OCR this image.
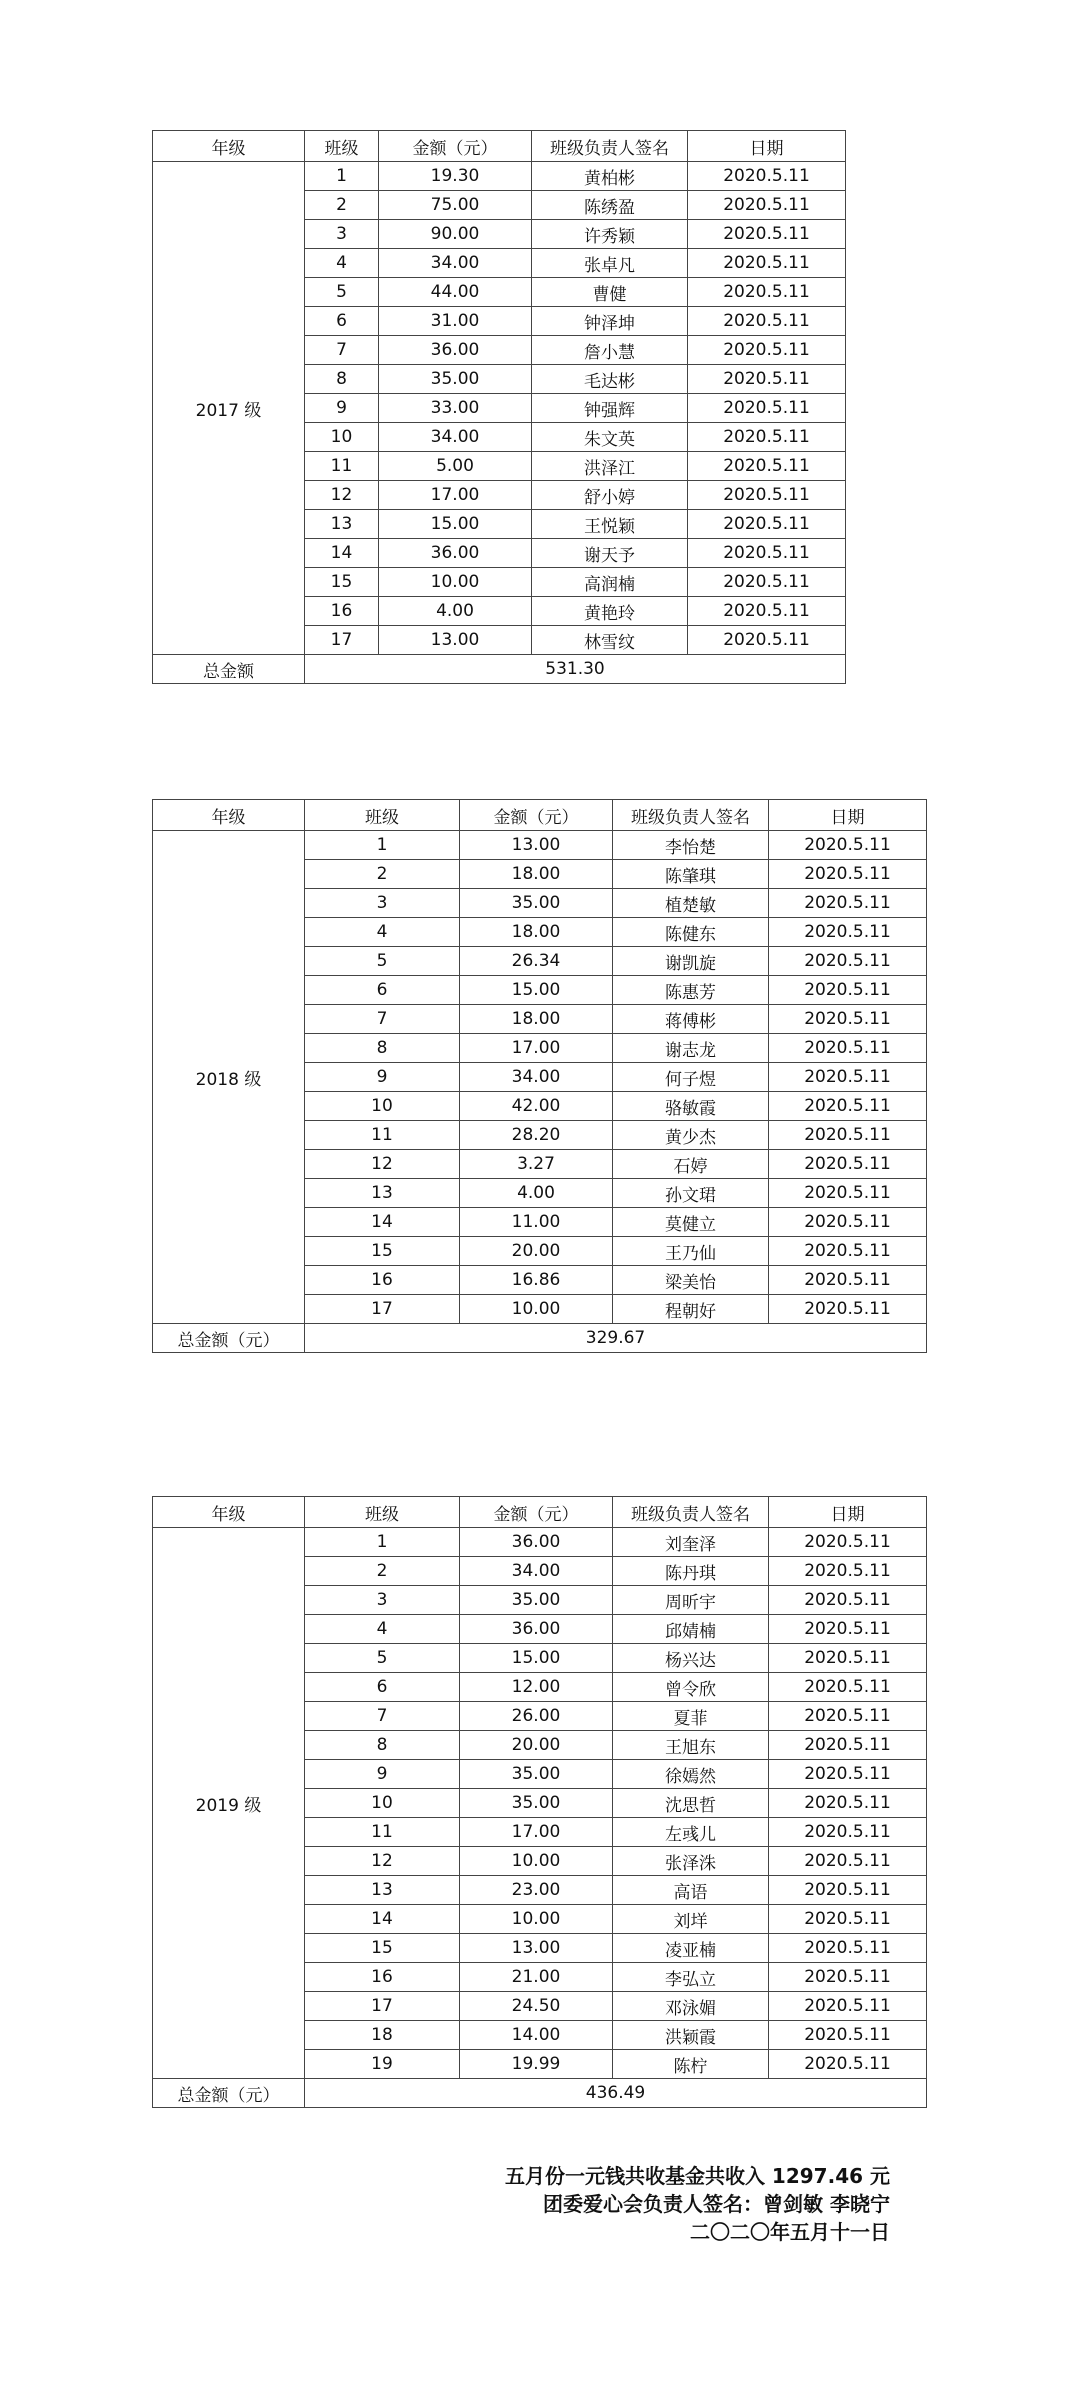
年级	班级	金额（元）	班级负责人签名	日期
2017 级	1	19.30	黄柏彬	2020.5.11
	2	75.00	陈绣盈	2020.5.11
	3	90.00	许秀颖	2020.5.11
	4	34.00	张卓凡	2020.5.11
	5	44.00	曹健	2020.5.11
	6	31.00	钟泽坤	2020.5.11
	7	36.00	詹小慧	2020.5.11
	8	35.00	毛达彬	2020.5.11
	9	33.00	钟强辉	2020.5.11
	10	34.00	朱文英	2020.5.11
	11	5.00	洪泽江	2020.5.11
	12	17.00	舒小婷	2020.5.11
	13	15.00	王悦颖	2020.5.11
	14	36.00	谢天予	2020.5.11
	15	10.00	高润楠	2020.5.11
	16	4.00	黄艳玲	2020.5.11
	17	13.00	林雪纹	2020.5.11
总金额	531.30			
年级	班级	金额（元）	班级负责人签名	日期
2018 级	1	13.00	李怡楚	2020.5.11
	2	18.00	陈肇琪	2020.5.11
	3	35.00	植楚敏	2020.5.11
	4	18.00	陈健东	2020.5.11
	5	26.34	谢凯旋	2020.5.11
	6	15.00	陈惠芳	2020.5.11
	7	18.00	蒋傅彬	2020.5.11
	8	17.00	谢志龙	2020.5.11
	9	34.00	何子煜	2020.5.11
	10	42.00	骆敏霞	2020.5.11
	11	28.20	黄少杰	2020.5.11
	12	3.27	石婷	2020.5.11
	13	4.00	孙文珺	2020.5.11
	14	11.00	莫健立	2020.5.11
	15	20.00	王乃仙	2020.5.11
	16	16.86	梁美怡	2020.5.11
	17	10.00	程朝好	2020.5.11
总金额（元）	329.67			
年级	班级	金额（元）	班级负责人签名	日期
2019 级	1	36.00	刘奎泽	2020.5.11
	2	34.00	陈丹琪	2020.5.11
	3	35.00	周昕宇	2020.5.11
	4	36.00	邱婧楠	2020.5.11
	5	15.00	杨兴达	2020.5.11
	6	12.00	曾令欣	2020.5.11
	7	26.00	夏菲	2020.5.11
	8	20.00	王旭东	2020.5.11
	9	35.00	徐嫣然	2020.5.11
	10	35.00	沈思哲	2020.5.11
	11	17.00	左彧儿	2020.5.11
	12	10.00	张泽洙	2020.5.11
	13	23.00	高语	2020.5.11
	14	10.00	刘垟	2020.5.11
	15	13.00	凌亚楠	2020.5.11
	16	21.00	李弘立	2020.5.11
	17	24.50	邓泳媚	2020.5.11
	18	14.00	洪颖霞	2020.5.11
	19	19.99	陈柠	2020.5.11
总金额（元）	436.49			
五月份一元钱共收基金共收入 1297.46 元
团委爱心会负责人签名：曾剑敏 李晓宁
二〇二〇年五月十一日
